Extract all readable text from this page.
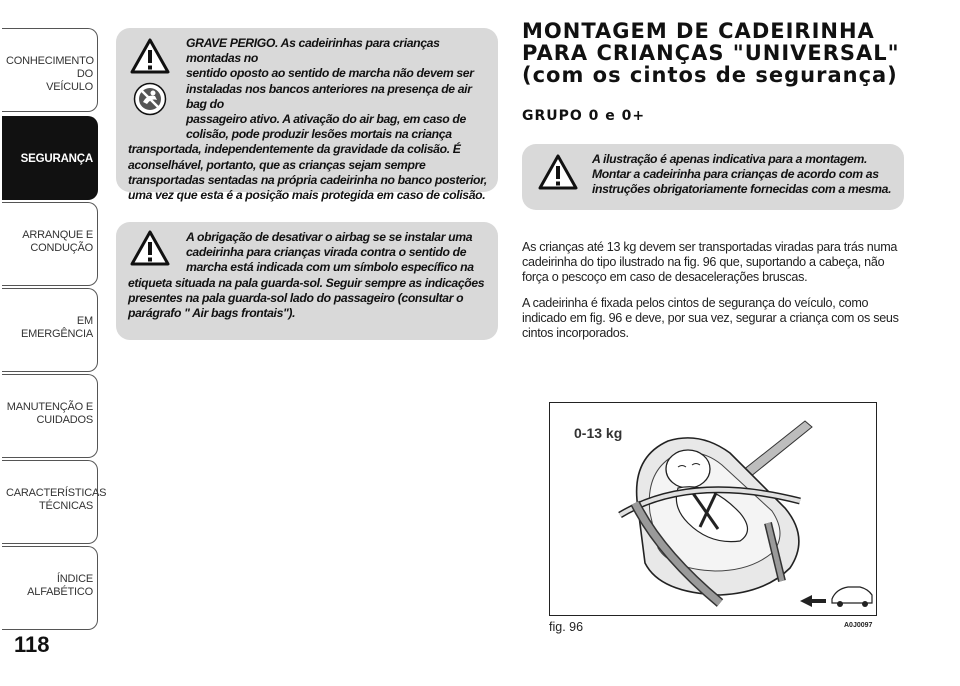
CONHECIMENTO DO
VEÍCULO
SEGURANÇA
ARRANQUE E
CONDUÇÃO
EM EMERGÊNCIA
MANUTENÇÃO E
CUIDADOS
CARACTERÍSTICAS
TÉCNICAS
ÍNDICE ALFABÉTICO
118

GRAVE PERIGO. As cadeirinhas para crianças montadas no

sentido oposto ao sentido de marcha não devem ser

instaladas nos bancos anteriores na presença de air bag do

passageiro ativo. A ativação do air bag, em caso de

colisão, pode produzir lesões mortais na criança

transportada, independentemente da gravidade da colisão. É aconselhável, portanto, que as crianças sejam sempre transportadas sentadas na própria cadeirinha no banco posterior, uma vez que esta é a posição mais protegida em caso de colisão.

A obrigação de desativar o airbag se se instalar uma

cadeirinha para crianças virada contra o sentido de

marcha está indicada com um símbolo específico na

etiqueta situada na pala guarda-sol. Seguir sempre as indicações presentes na pala guarda-sol lado do passageiro (consultar o parágrafo " Air bags frontais").

MONTAGEM DE CADEIRINHA
PARA CRIANÇAS "UNIVERSAL"
(com os cintos de segurança)
GRUPO 0 e 0+

A ilustração é apenas indicativa para a montagem. Montar a cadeirinha para crianças de acordo com as instruções obrigatoriamente fornecidas com a mesma.

As crianças até 13 kg devem ser transportadas viradas para trás numa cadeirinha do tipo ilustrado na fig. 96 que, suportando a cabeça, não força o pescoço em caso de desacelerações bruscas.

A cadeirinha é fixada pelos cintos de segurança do veículo, como indicado em fig. 96 e deve, por sua vez, segurar a criança com os seus cintos incorporados.

0-13 kg
fig. 96	A0J0097
